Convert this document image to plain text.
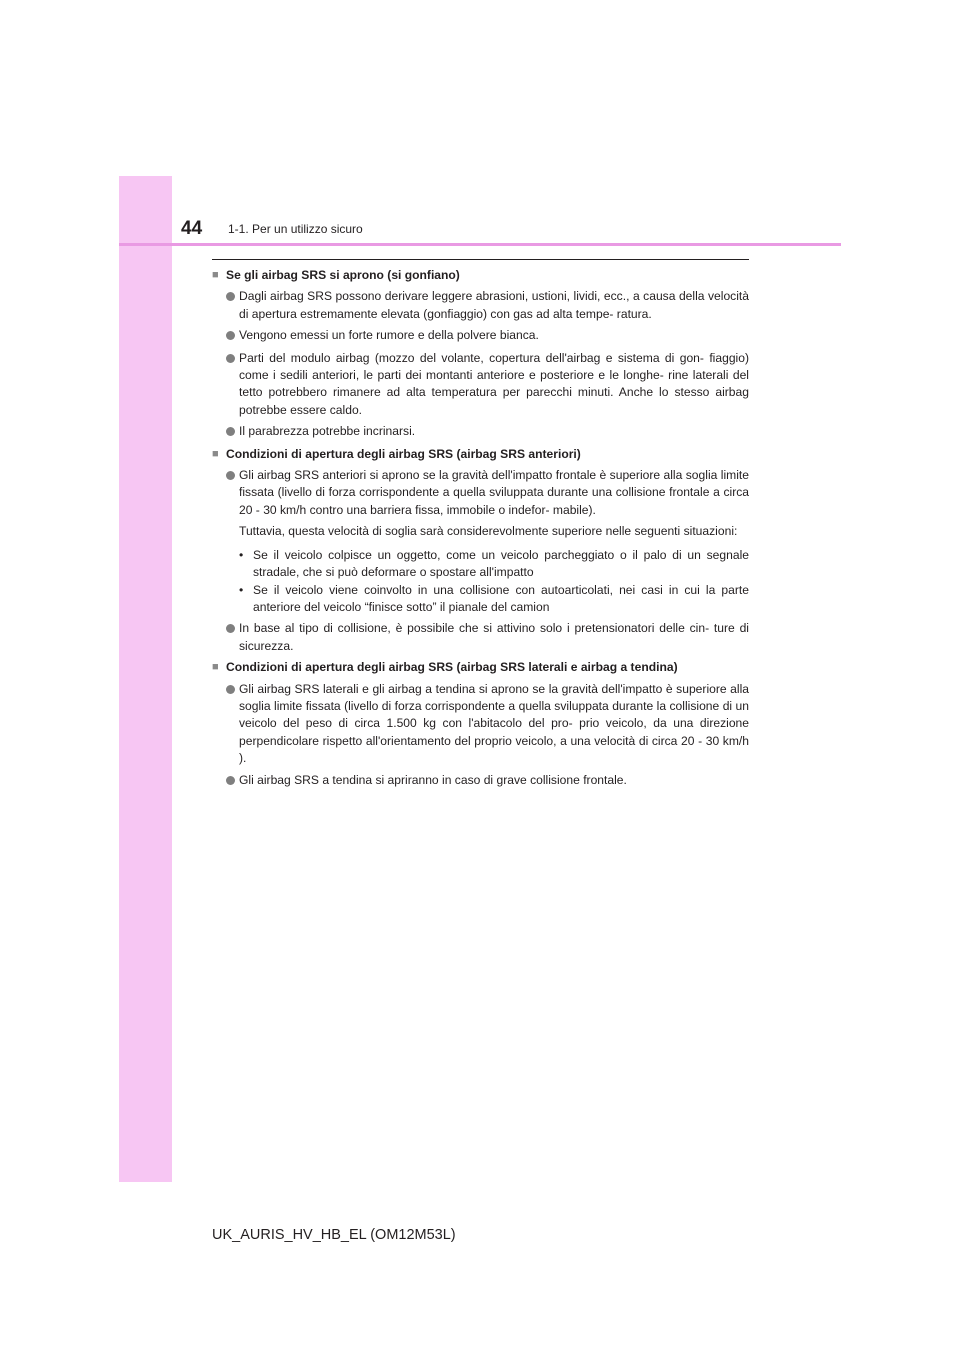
44 1-1. Per un utilizzo sicuro
■ Se gli airbag SRS si aprono (si gonfiano)
Dagli airbag SRS possono derivare leggere abrasioni, ustioni, lividi, ecc., a causa della velocità di apertura estremamente elevata (gonfiaggio) con gas ad alta tempe- ratura.
Vengono emessi un forte rumore e della polvere bianca.
Parti del modulo airbag (mozzo del volante, copertura dell'airbag e sistema di gon- fiaggio) come i sedili anteriori, le parti dei montanti anteriore e posteriore e le longhe- rine laterali del tetto potrebbero rimanere ad alta temperatura per parecchi minuti. Anche lo stesso airbag potrebbe essere caldo.
Il parabrezza potrebbe incrinarsi.
■ Condizioni di apertura degli airbag SRS (airbag SRS anteriori)
Gli airbag SRS anteriori si aprono se la gravità dell'impatto frontale è superiore alla soglia limite fissata (livello di forza corrispondente a quella sviluppata durante una collisione frontale a circa 20 - 30 km/h contro una barriera fissa, immobile o indefor- mabile).
Tuttavia, questa velocità di soglia sarà considerevolmente superiore nelle seguenti situazioni:
• Se il veicolo colpisce un oggetto, come un veicolo parcheggiato o il palo di un segnale stradale, che si può deformare o spostare all'impatto
• Se il veicolo viene coinvolto in una collisione con autoarticolati, nei casi in cui la parte anteriore del veicolo “finisce sotto” il pianale del camion
In base al tipo di collisione, è possibile che si attivino solo i pretensionatori delle cin- ture di sicurezza.
■ Condizioni di apertura degli airbag SRS (airbag SRS laterali e airbag a tendina)
Gli airbag SRS laterali e gli airbag a tendina si aprono se la gravità dell'impatto è superiore alla soglia limite fissata (livello di forza corrispondente a quella sviluppata durante la collisione di un veicolo del peso di circa 1.500 kg con l'abitacolo del pro- prio veicolo, da una direzione perpendicolare rispetto all'orientamento del proprio veicolo, a una velocità di circa 20 - 30 km/h ).
Gli airbag SRS a tendina si apriranno in caso di grave collisione frontale.
UK_AURIS_HV_HB_EL (OM12M53L)
